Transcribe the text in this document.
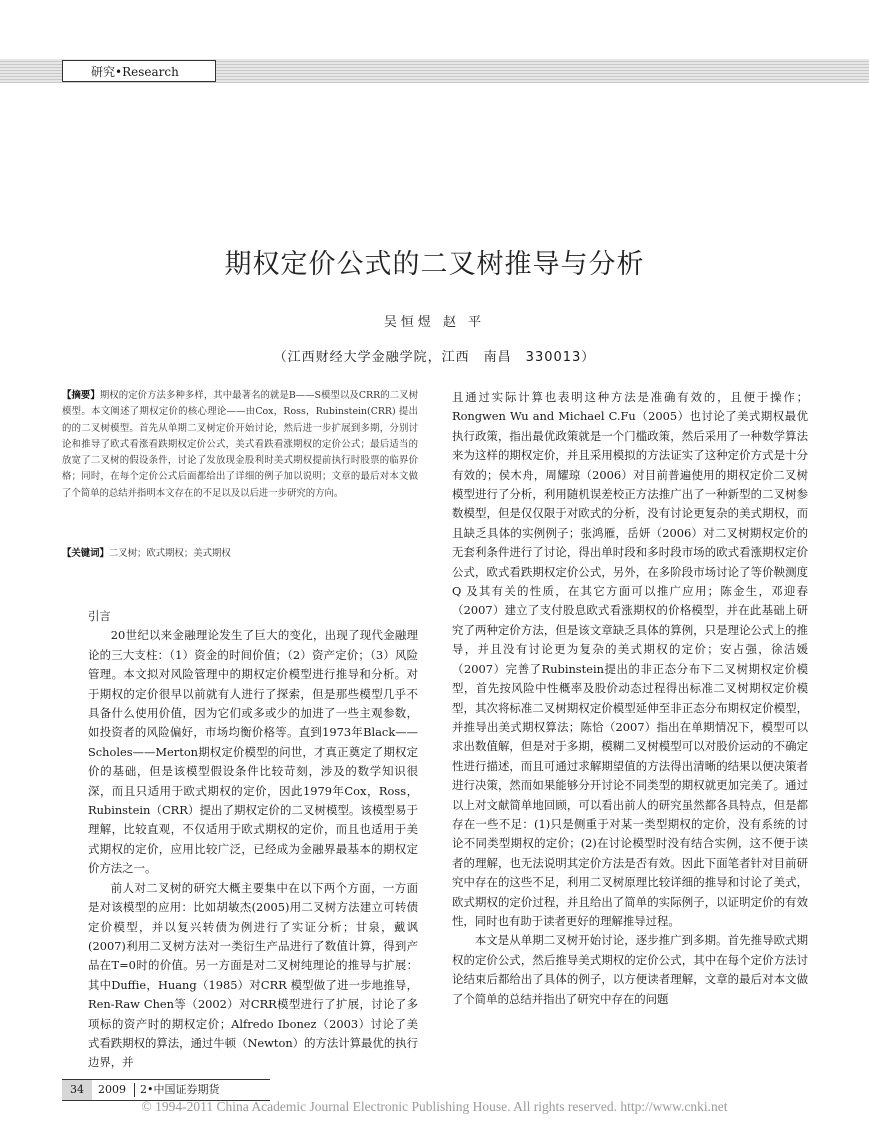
研究•Research
期权定价公式的二叉树推导与分析
吴恒煜 赵 平
（江西财经大学金融学院，江西　南昌　330013）
【摘要】期权的定价方法多种多样，其中最著名的就是B——S模型以及CRR的二叉树模型。本文阐述了期权定价的核心理论——由Cox，Ross，Rubinstein(CRR) 提出的的二叉树模型。首先从单期二叉树定价开始讨论，然后进一步扩展到多期，分别讨论和推导了欧式看涨看跌期权定价公式，美式看跌看涨期权的定价公式；最后适当的放宽了二叉树的假设条件，讨论了发放现金股利时美式期权提前执行时股票的临界价格；同时，在每个定价公式后面都给出了详细的例子加以说明；文章的最后对本文做了个简单的总结并指明本文存在的不足以及以后进一步研究的方向。
【关键词】二叉树；欧式期权；美式期权

引言

20世纪以来金融理论发生了巨大的变化，出现了现代金融理论的三大支柱：（1）资金的时间价值；（2）资产定价；（3）风险管理。本文拟对风险管理中的期权定价模型进行推导和分析。对于期权的定价很早以前就有人进行了探索，但是那些模型几乎不具备什么使用价值，因为它们或多或少的加进了一些主观参数，如投资者的风险偏好，市场均衡价格等。直到1973年Black——Scholes——Merton期权定价模型的问世，才真正奠定了期权定价的基础，但是该模型假设条件比较苛刻，涉及的数学知识很深，而且只适用于欧式期权的定价，因此1979年Cox，Ross，Rubinstein（CRR）提出了期权定价的二叉树模型。该模型易于理解，比较直观，不仅适用于欧式期权的定价，而且也适用于美式期权的定价，应用比较广泛，已经成为金融界最基本的期权定价方法之一。

前人对二叉树的研究大概主要集中在以下两个方面，一方面是对该模型的应用：比如胡敏杰(2005)用二叉树方法建立可转债定价模型，并以复兴转债为例进行了实证分析；甘泉，戴讽(2007)利用二叉树方法对一类衍生产品进行了数值计算，得到产品在T=0时的价值。另一方面是对二叉树纯理论的推导与扩展：其中Duffie，Huang（1985）对CRR 模型做了进一步地推导，Ren-Raw Chen等（2002）对CRR模型进行了扩展，讨论了多项标的资产时的期权定价；Alfredo Ibonez（2003）讨论了美式看跌期权的算法，通过牛顿（Newton）的方法计算最优的执行边界，并

且通过实际计算也表明这种方法是准确有效的，且便于操作；Rongwen Wu and Michael C.Fu（2005）也讨论了美式期权最优执行政策，指出最优政策就是一个门槛政策，然后采用了一种数学算法来为这样的期权定价，并且采用模拟的方法证实了这种定价方式是十分有效的；侯木舟，周耀琼（2006）对目前普遍使用的期权定价二叉树模型进行了分析，利用随机误差校正方法推广出了一种新型的二叉树参数模型，但是仅仅限于对欧式的分析，没有讨论更复杂的美式期权，而且缺乏具体的实例例子；张鸿雁，岳妍（2006）对二叉树期权定价的无套利条件进行了讨论，得出单时段和多时段市场的欧式看涨期权定价公式，欧式看跌期权定价公式，另外，在多阶段市场讨论了等价鞅测度Q 及其有关的性质，在其它方面可以推广应用；陈金生，邓迎春（2007）建立了支付股息欧式看涨期权的价格模型，并在此基础上研究了两种定价方法，但是该文章缺乏具体的算例，只是理论公式上的推导，并且没有讨论更为复杂的美式期权的定价；安占强，徐洁媛（2007）完善了Rubinstein提出的非正态分布下二叉树期权定价模型，首先按风险中性概率及股价动态过程得出标准二叉树期权定价模型，其次将标准二叉树期权定价模型延伸至非正态分布期权定价模型，并推导出美式期权算法；陈恰（2007）指出在单期情况下，模型可以求出数值解，但是对于多期，模糊二叉树模型可以对股价运动的不确定性进行描述，而且可通过求解期望值的方法得出清晰的结果以便决策者进行决策，然而如果能够分开讨论不同类型的期权就更加完美了。通过以上对文献简单地回顾，可以看出前人的研究虽然都各具特点，但是都存在一些不足：(1)只是侧重于对某一类型期权的定价，没有系统的讨论不同类型期权的定价；(2)在讨论模型时没有结合实例，这不便于读者的理解，也无法说明其定价方法是否有效。因此下面笔者针对目前研究中存在的这些不足，利用二叉树原理比较详细的推导和讨论了美式，欧式期权的定价过程，并且给出了简单的实际例子，以证明定价的有效性，同时也有助于读者更好的理解推导过程。

本文是从单期二叉树开始讨论，逐步推广到多期。首先推导欧式期权的定价公式，然后推导美式期权的定价公式，其中在每个定价方法讨论结束后都给出了具体的例子，以方便读者理解，文章的最后对本文做了个简单的总结并指出了研究中存在的问题

34	2009 2•中国证券期货
© 1994-2011 China Academic Journal Electronic Publishing House. All rights reserved. http://www.cnki.net
